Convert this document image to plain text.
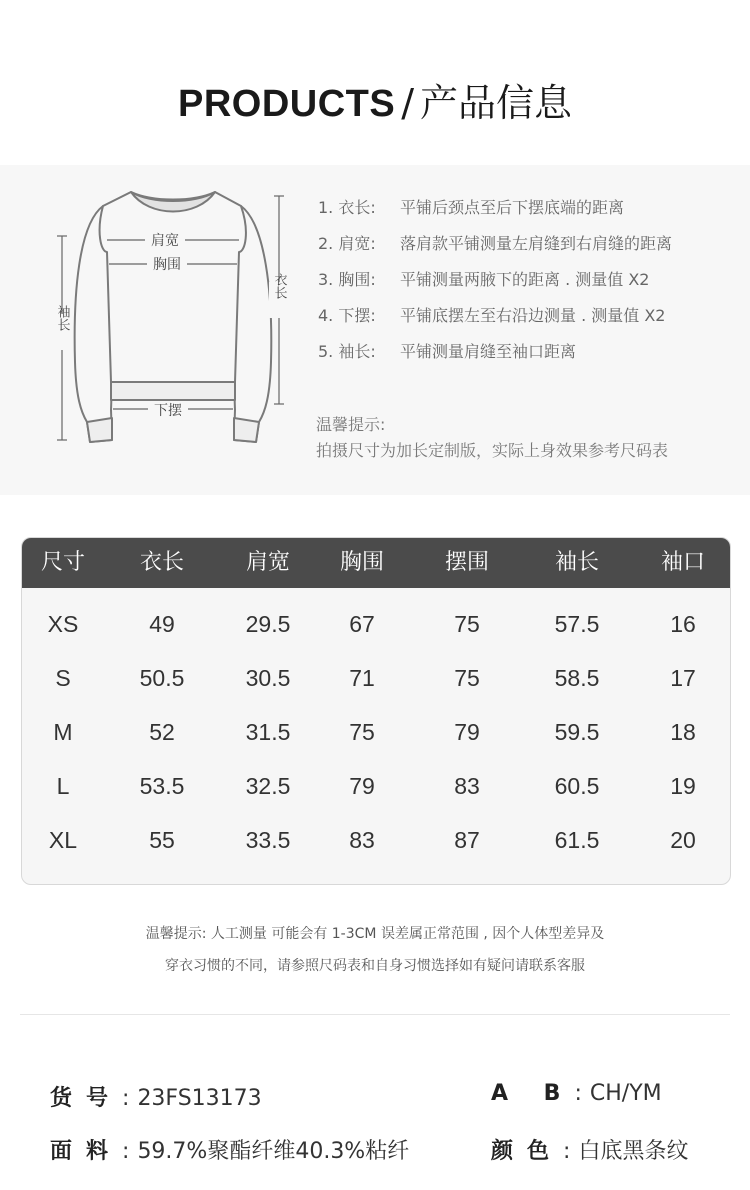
PRODUCTS / 产品信息
肩宽
胸围
下摆
袖长
衣长
1. 衣长: 平铺后颈点至后下摆底端的距离
2. 肩宽: 落肩款平铺测量左肩缝到右肩缝的距离
3. 胸围: 平铺测量两腋下的距离 . 测量值 X2
4. 下摆: 平铺底摆左至右沿边测量 . 测量值 X2
5. 袖长: 平铺测量肩缝至袖口距离
温馨提示:
拍摄尺寸为加长定制版，实际上身效果参考尺码表
尺寸 衣长	肩宽 胸围	摆围	袖长	袖口
XS	49	29.5	67	75	57.5	16
S	50.5	30.5	71	75	58.5	17
M	52	31.5	75	79	59.5	18
L	53.5	32.5	79	83	60.5	19
XL	55	33.5	83	87	61.5	20
温馨提示: 人工测量 可能会有 1-3CM 误差属正常范围 , 因个人体型差异及
穿衣习惯的不同，请参照尺码表和自身习惯选择如有疑问请联系客服
货号: 23FS13173	A B: CH/YM
面料: 59.7%聚酯纤维40.3%粘纤	颜色: 白底黑条纹
